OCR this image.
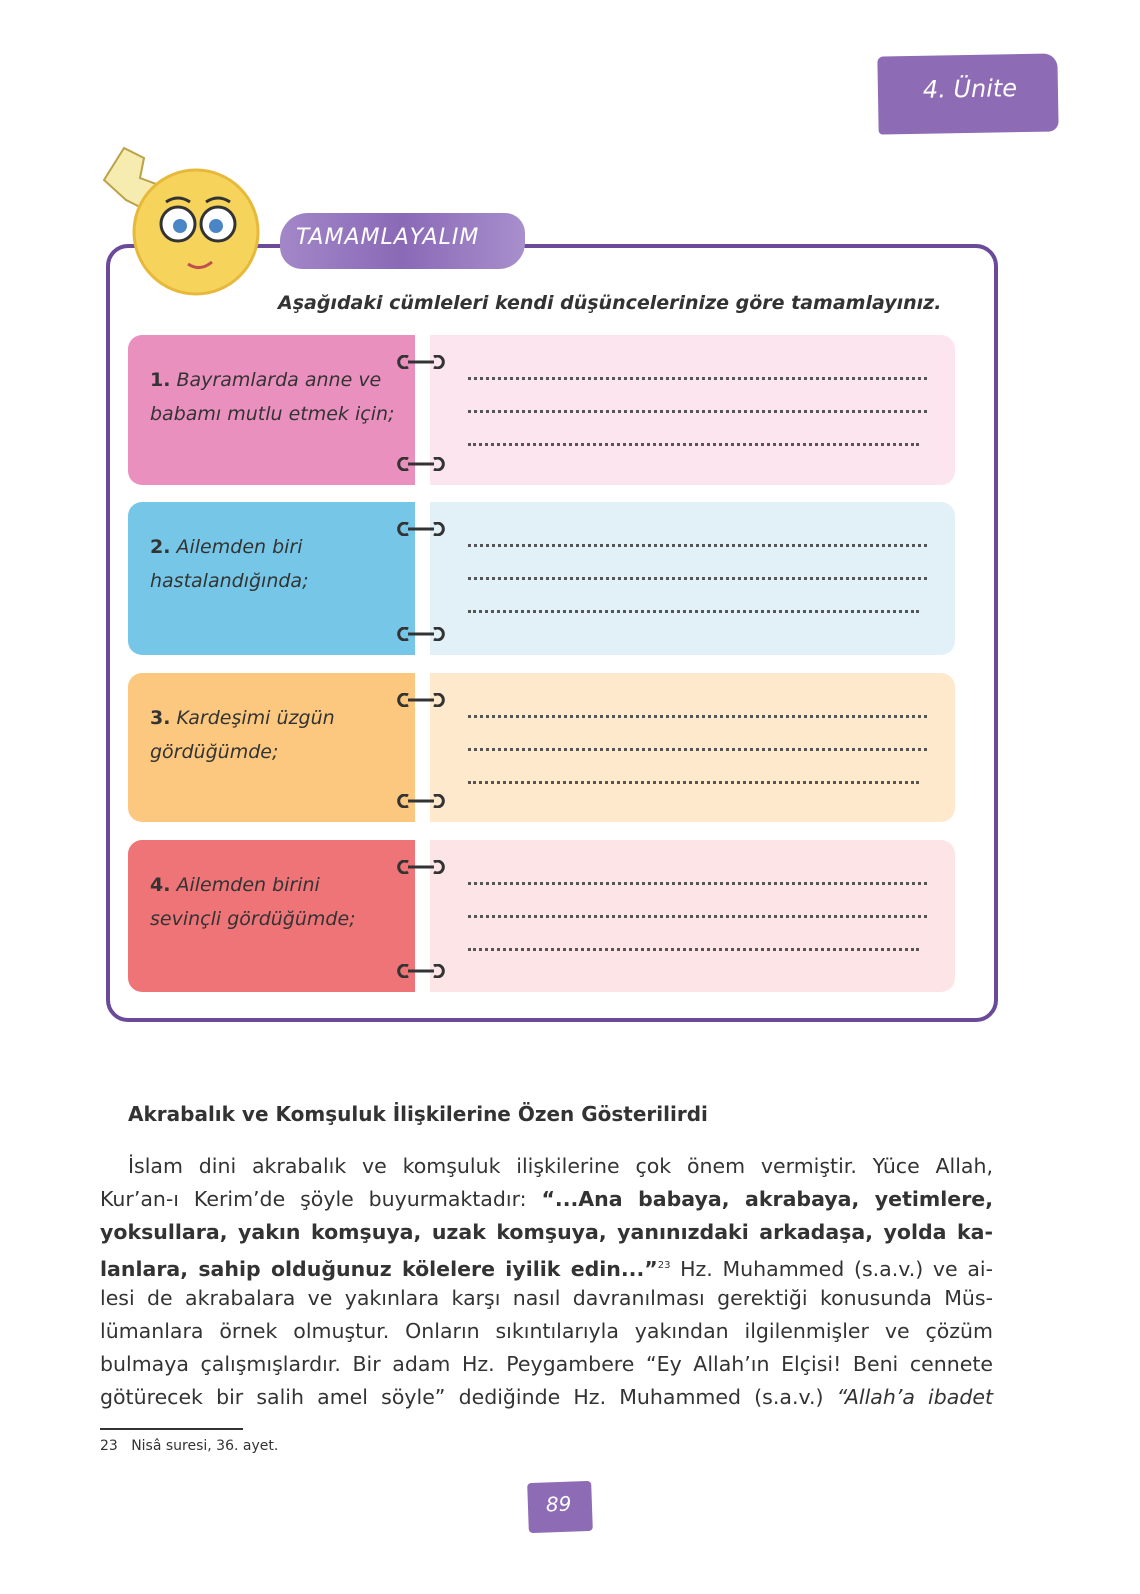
4. Ünite
TAMAMLAYALIM
Aşağıdaki cümleleri kendi düşüncelerinize göre tamamlayınız.
1. Bayramlarda anne ve babamı mutlu etmek için;
2. Ailemden biri hastalandığında;
3. Kardeşimi üzgün gördüğümde;
4. Ailemden birini sevinçli gördüğümde;
Akrabalık ve Komşuluk İlişkilerine Özen Gösterilirdi
İslam dini akrabalık ve komşuluk ilişkilerine çok önem vermiştir. Yüce Allah,
Kur’an-ı Kerim’de şöyle buyurmaktadır: “...Ana babaya, akrabaya, yetimlere,
yoksullara, yakın komşuya, uzak komşuya, yanınızdaki arkadaşa, yolda ka-
lanlara, sahip olduğunuz kölelere iyilik edin...”$^{23}$ Hz. Muhammed (s.a.v.) ve ai-
lesi de akrabalara ve yakınlara karşı nasıl davranılması gerektiği konusunda Müs-
lümanlara örnek olmuştur. Onların sıkıntılarıyla yakından ilgilenmişler ve çözüm
bulmaya çalışmışlardır. Bir adam Hz. Peygambere “Ey Allah’ın Elçisi! Beni cennete
götürecek bir salih amel söyle” dediğinde Hz. Muhammed (s.a.v.) “Allah’a ibadet
23 Nisâ suresi, 36. ayet.
89
